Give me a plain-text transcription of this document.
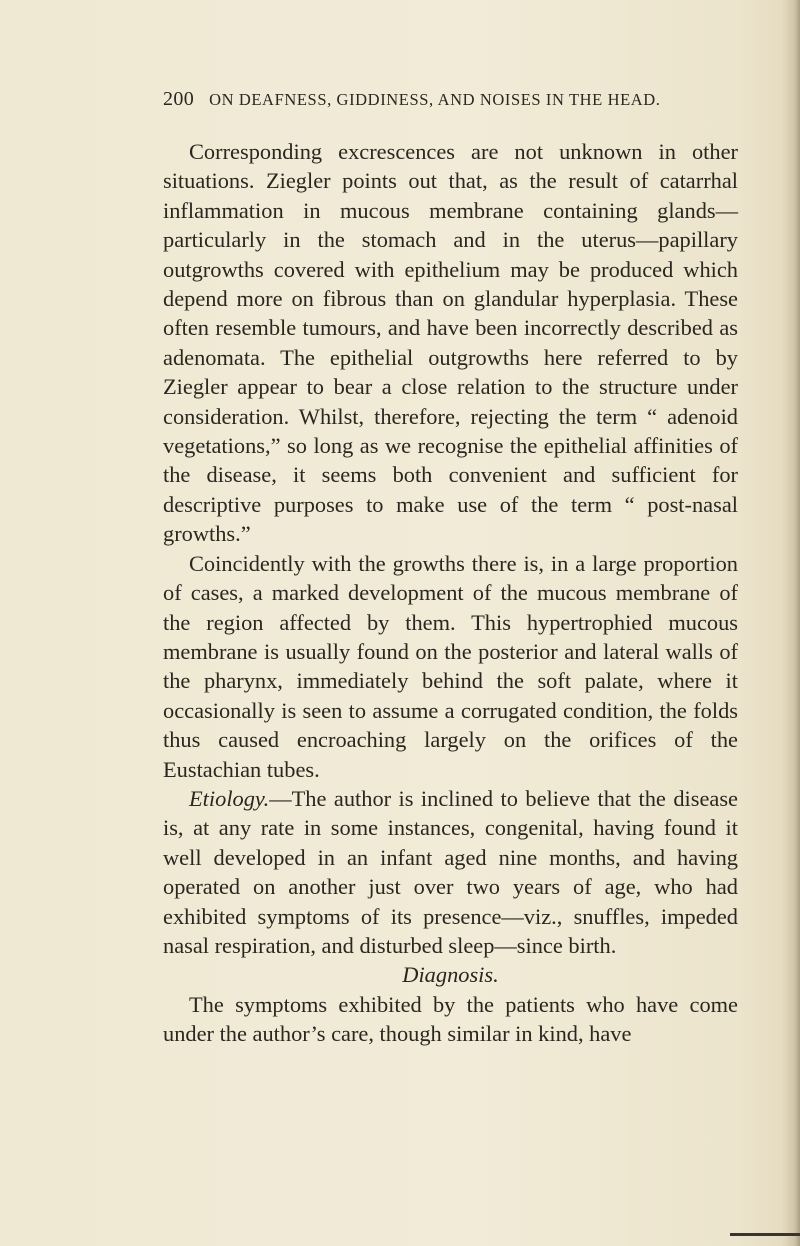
200 ON DEAFNESS, GIDDINESS, AND NOISES IN THE HEAD.

Corresponding excrescences are not unknown in other situations. Ziegler points out that, as the result of catarrhal inflammation in mucous membrane containing glands—particularly in the stomach and in the uterus—papillary outgrowths covered with epithelium may be produced which depend more on fibrous than on glandular hyperplasia. These often resemble tumours, and have been incorrectly described as adenomata. The epithelial outgrowths here referred to by Ziegler appear to bear a close relation to the structure under consideration. Whilst, therefore, rejecting the term “ adenoid vegetations,” so long as we recognise the epithelial affinities of the disease, it seems both convenient and sufficient for descriptive purposes to make use of the term “ post-nasal growths.”

Coincidently with the growths there is, in a large proportion of cases, a marked development of the mucous membrane of the region affected by them. This hypertrophied mucous membrane is usually found on the posterior and lateral walls of the pharynx, immediately behind the soft palate, where it occasionally is seen to assume a corrugated condition, the folds thus caused encroaching largely on the orifices of the Eustachian tubes.

Etiology.—The author is inclined to believe that the disease is, at any rate in some instances, congenital, having found it well developed in an infant aged nine months, and having operated on another just over two years of age, who had exhibited symptoms of its presence—viz., snuffles, impeded nasal respiration, and disturbed sleep—since birth.

Diagnosis.

The symptoms exhibited by the patients who have come under the author’s care, though similar in kind, have
